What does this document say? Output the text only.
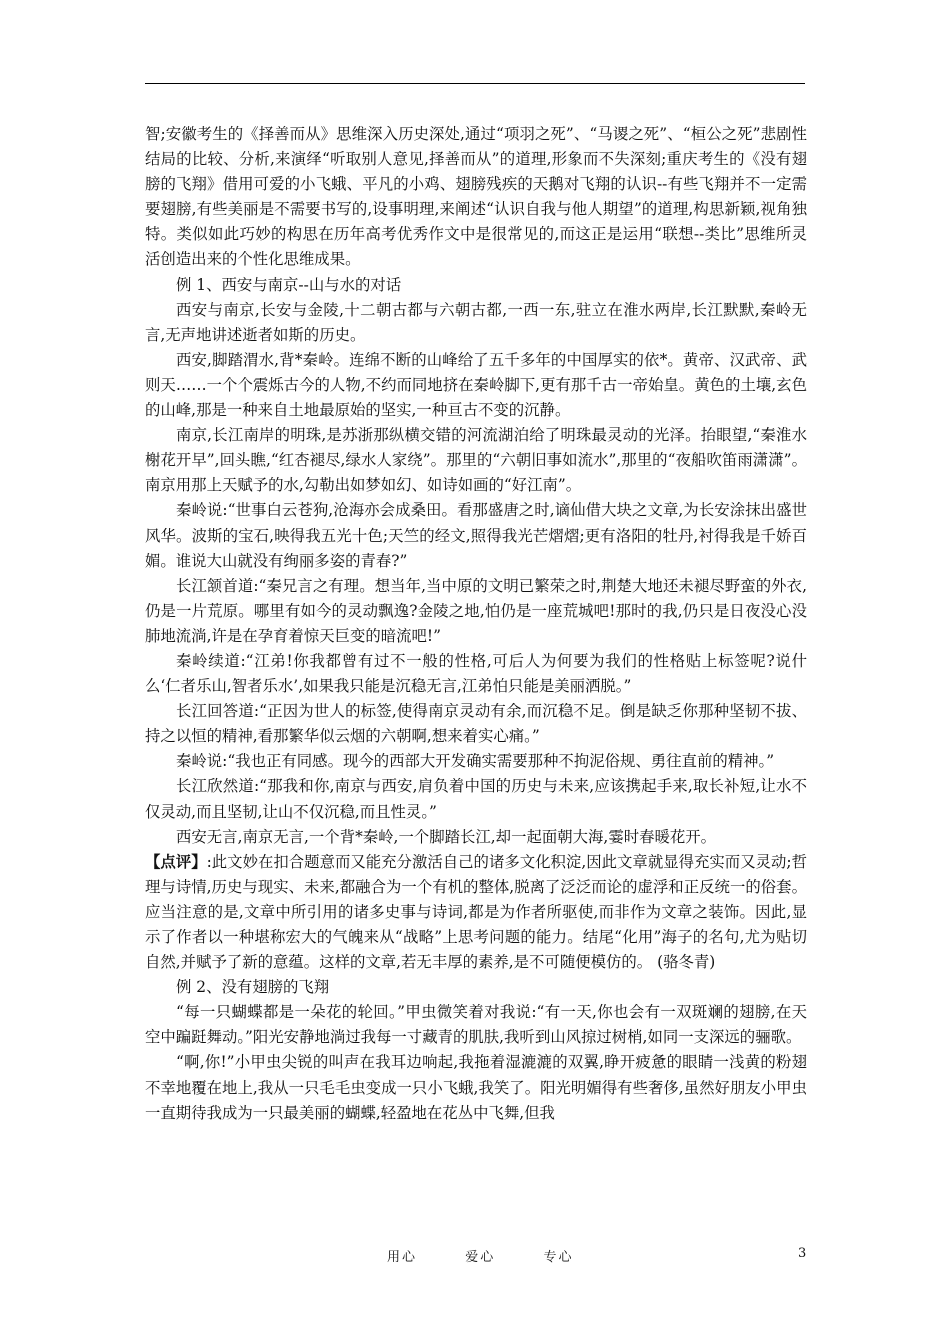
智;安徽考生的《择善而从》思维深入历史深处,通过“项羽之死”、“马谡之死”、“桓公之死”悲剧性结局的比较、分析,来演绎“听取别人意见,择善而从”的道理,形象而不失深刻;重庆考生的《没有翅膀的飞翔》借用可爱的小飞蛾、平凡的小鸡、翅膀残疾的天鹅对飞翔的认识--有些飞翔并不一定需要翅膀,有些美丽是不需要书写的,设事明理,来阐述“认识自我与他人期望”的道理,构思新颖,视角独特。类似如此巧妙的构思在历年高考优秀作文中是很常见的,而这正是运用“联想--类比”思维所灵活创造出来的个性化思维成果。

例 1、西安与南京--山与水的对话

西安与南京,长安与金陵,十二朝古都与六朝古都,一西一东,驻立在淮水两岸,长江默默,秦岭无言,无声地讲述逝者如斯的历史。

西安,脚踏渭水,背*秦岭。连绵不断的山峰给了五千多年的中国厚实的依*。黄帝、汉武帝、武则天……一个个震烁古今的人物,不约而同地挤在秦岭脚下,更有那千古一帝始皇。黄色的土壤,玄色的山峰,那是一种来自土地最原始的坚实,一种亘古不变的沉静。

南京,长江南岸的明珠,是苏浙那纵横交错的河流湖泊给了明珠最灵动的光泽。抬眼望,“秦淮水榭花开早”,回头瞧,“红杏褪尽,绿水人家绕”。那里的“六朝旧事如流水”,那里的“夜船吹笛雨潇潇”。南京用那上天赋予的水,勾勒出如梦如幻、如诗如画的“好江南”。

秦岭说:“世事白云苍狗,沧海亦会成桑田。看那盛唐之时,谪仙借大块之文章,为长安涂抹出盛世风华。波斯的宝石,映得我五光十色;天竺的经文,照得我光芒熠熠;更有洛阳的牡丹,衬得我是千娇百媚。谁说大山就没有绚丽多姿的青春?”

长江颔首道:“秦兄言之有理。想当年,当中原的文明已繁荣之时,荆楚大地还未褪尽野蛮的外衣,仍是一片荒原。哪里有如今的灵动飘逸?金陵之地,怕仍是一座荒城吧!那时的我,仍只是日夜没心没肺地流淌,许是在孕育着惊天巨变的暗流吧!”

秦岭续道:“江弟!你我都曾有过不一般的性格,可后人为何要为我们的性格贴上标签呢?说什么‘仁者乐山,智者乐水’,如果我只能是沉稳无言,江弟怕只能是美丽洒脱。”

长江回答道:“正因为世人的标签,使得南京灵动有余,而沉稳不足。倒是缺乏你那种坚韧不拔、持之以恒的精神,看那繁华似云烟的六朝啊,想来着实心痛。”

秦岭说:“我也正有同感。现今的西部大开发确实需要那种不拘泥俗规、勇往直前的精神。”

长江欣然道:“那我和你,南京与西安,肩负着中国的历史与未来,应该携起手来,取长补短,让水不仅灵动,而且坚韧,让山不仅沉稳,而且性灵。”

西安无言,南京无言,一个背*秦岭,一个脚踏长江,却一起面朝大海,霎时春暖花开。

【点评】:此文妙在扣合题意而又能充分激活自己的诸多文化积淀,因此文章就显得充实而又灵动;哲理与诗情,历史与现实、未来,都融合为一个有机的整体,脱离了泛泛而论的虚浮和正反统一的俗套。应当注意的是,文章中所引用的诸多史事与诗词,都是为作者所驱使,而非作为文章之装饰。因此,显示了作者以一种堪称宏大的气魄来从“战略”上思考问题的能力。结尾“化用”海子的名句,尤为贴切自然,并赋予了新的意蕴。这样的文章,若无丰厚的素养,是不可随便模仿的。 (骆冬青)

例 2、没有翅膀的飞翔

“每一只蝴蝶都是一朵花的轮回。”甲虫微笑着对我说:“有一天,你也会有一双斑斓的翅膀,在天空中蹁跹舞动。”阳光安静地淌过我每一寸藏青的肌肤,我听到山风掠过树梢,如同一支深远的骊歌。

“啊,你!”小甲虫尖锐的叫声在我耳边响起,我拖着湿漉漉的双翼,睁开疲惫的眼睛一浅黄的粉翅不幸地覆在地上,我从一只毛毛虫变成一只小飞蛾,我笑了。阳光明媚得有些奢侈,虽然好朋友小甲虫一直期待我成为一只最美丽的蝴蝶,轻盈地在花丛中飞舞,但我

用心  爱心  专心	3
